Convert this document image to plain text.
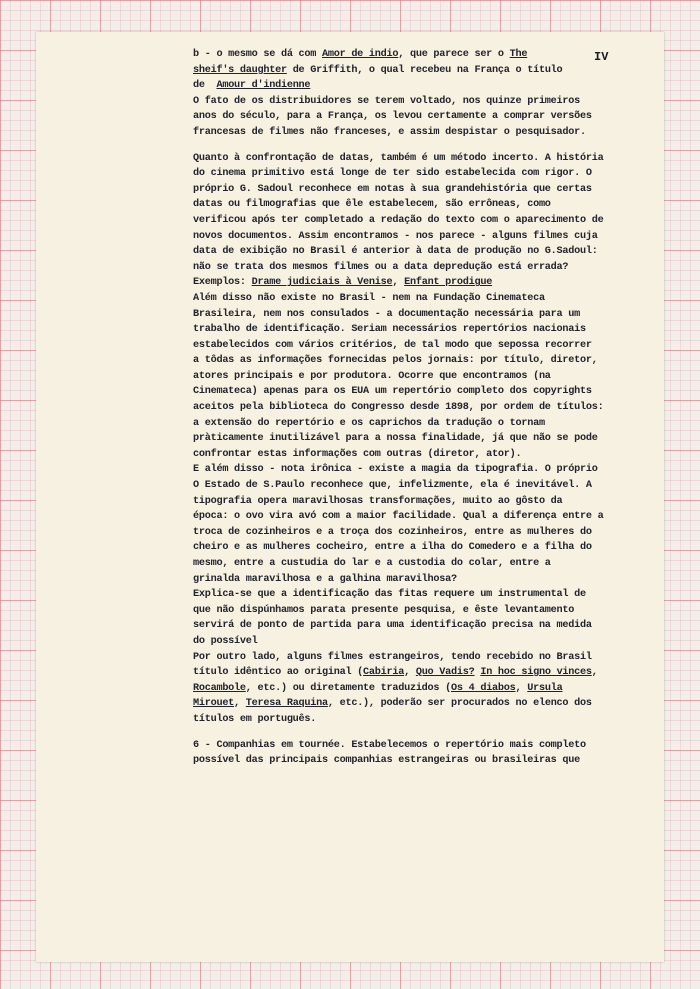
IV
b - o mesmo se dá com Amor de indio, que parece ser o The
sheif's daughter de Griffith, o qual recebeu na França o título
de  Amour d'indienne
O fato de os distribuidores se terem voltado, nos quinze primeiros
anos do século, para a França, os levou certamente a comprar versões
francesas de filmes não franceses, e assim despistar o pesquisador.
Quanto à confrontação de datas, também é um método incerto. A história
do cinema primitivo está longe de ter sido estabelecida com rigor. O
próprio G. Sadoul reconhece em notas à sua grandehistória que certas
datas ou filmografias que êle estabelecem, são errôneas, como
verificou após ter completado a redação do texto com o aparecimento de
novos documentos. Assim encontramos - nos parece - alguns filmes cuja
data de exibição no Brasil é anterior à data de produção no G.Sadoul:
não se trata dos mesmos filmes ou a data depredução está errada?
Exemplos: Drame judiciais à Venise, Enfant prodigue
Além disso não existe no Brasil - nem na Fundação Cinemateca
Brasileira, nem nos consulados - a documentação necessária para um
trabalho de identificação. Seriam necessários repertórios nacionais
estabelecidos com vários critérios, de tal modo que sepossa recorrer
a tôdas as informações fornecidas pelos jornais: por título, diretor,
atores principais e por produtora. Ocorre que encontramos (na
Cinemateca) apenas para os EUA um repertório completo dos copyrights
aceitos pela biblioteca do Congresso desde 1898, por ordem de títulos:
a extensão do repertório e os caprichos da tradução o tornam
pràticamente inutilizável para a nossa finalidade, já que não se pode
confrontar estas informações com outras (diretor, ator).
E além disso - nota irônica - existe a magia da tipografia. O próprio
O Estado de S.Paulo reconhece que, infelizmente, ela é inevitável. A
tipografia opera maravilhosas transformações, muito ao gôsto da
época: o ovo vira avó com a maior facilidade. Qual a diferença entre a
troca de cozinheiros e a troça dos cozinheiros, entre as mulheres do
cheiro e as mulheres cocheiro, entre a ilha do Comedero e a filha do
mesmo, entre a custudia do lar e a custodia do colar, entre a
grinalda maravilhosa e a galhina maravilhosa?
Explica-se que a identificação das fitas requere um instrumental de
que não dispúnhamos parata presente pesquisa, e êste levantamento
servirá de ponto de partida para uma identificação precisa na medida
do possível
Por outro lado, alguns filmes estrangeiros, tendo recebido no Brasil
título idêntico ao original (Cabiria, Quo Vadis? In hoc signo vinces,
Rocambole, etc.) ou diretamente traduzidos (Os 4 diabos, Ursula
Mirouet, Teresa Raquina, etc.), poderão ser procurados no elenco dos
títulos em português.
6 - Companhias em tournée. Estabelecemos o repertório mais completo
possível das principais companhias estrangeiras ou brasileiras que
